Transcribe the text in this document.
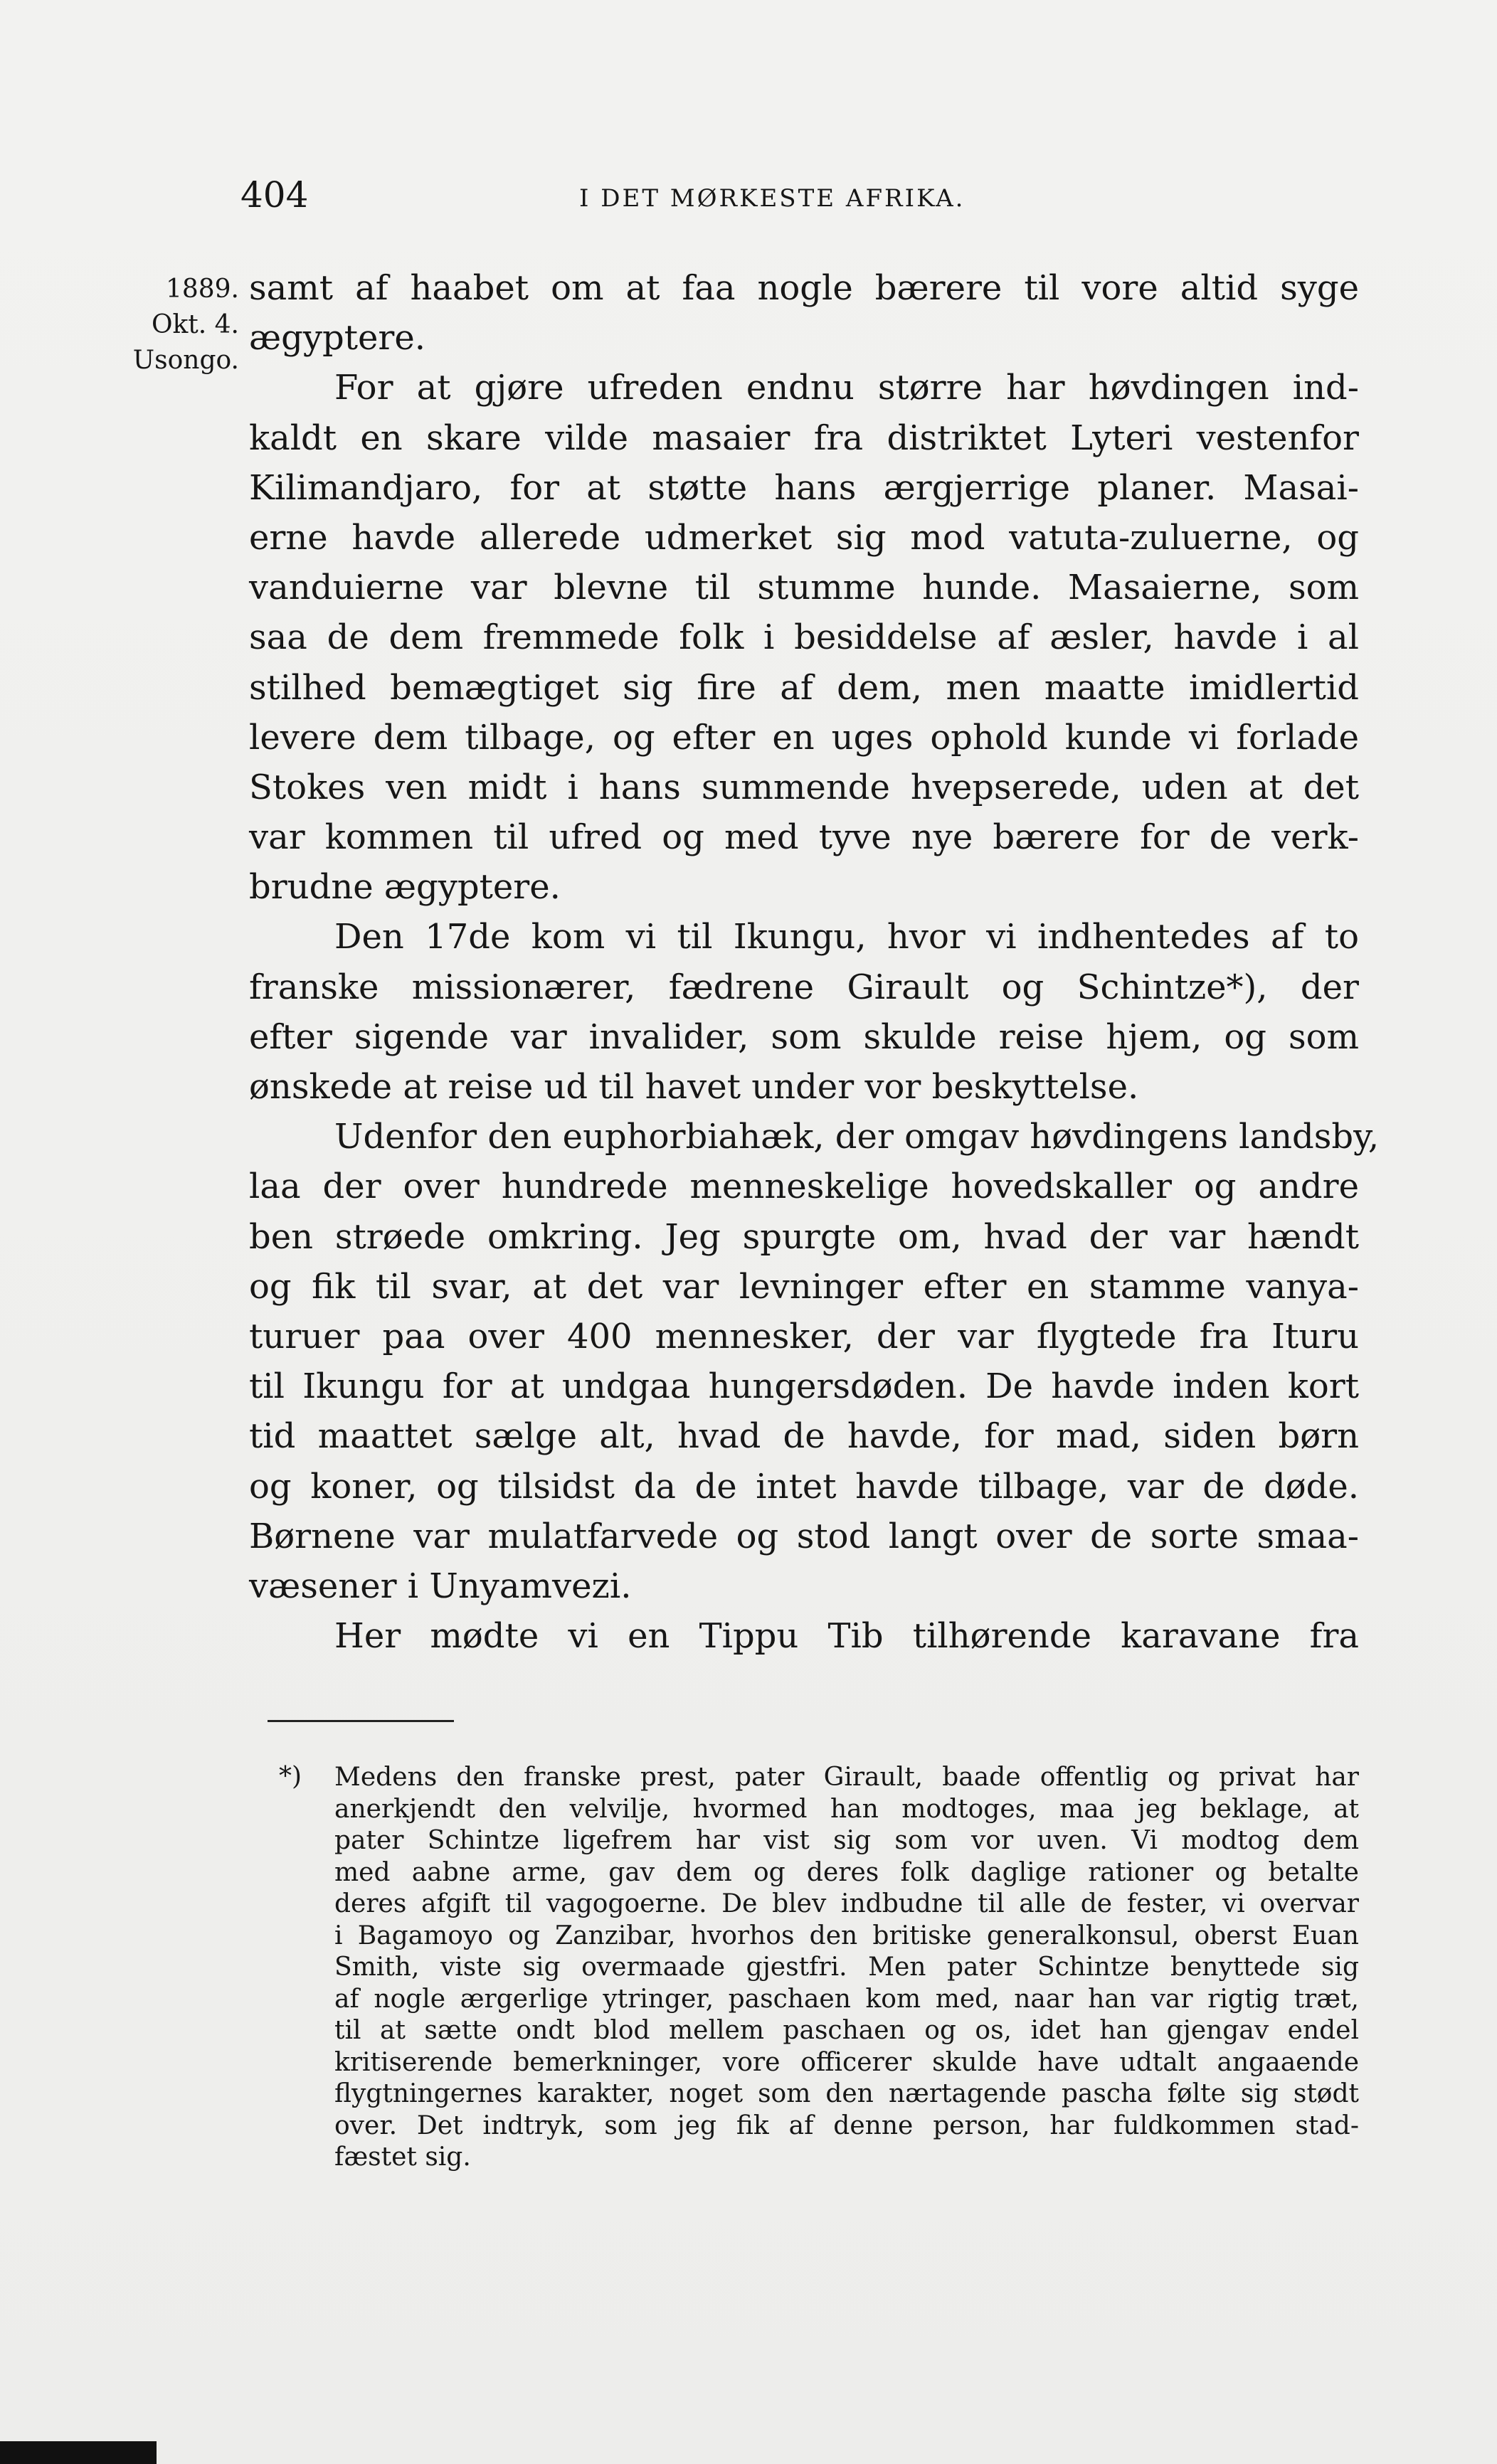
404	I DET MØRKESTE AFRIKA.
1889.
Okt. 4.
Usongo.
samt af haabet om at faa nogle bærere til vore altid syge
ægyptere.
For at gjøre ufreden endnu større har høvdingen ind-
kaldt en skare vilde masaier fra distriktet Lyteri vestenfor
Kilimandjaro, for at støtte hans ærgjerrige planer. Masai-
erne havde allerede udmerket sig mod vatuta-zuluerne, og
vanduierne var blevne til stumme hunde. Masaierne, som
saa de dem fremmede folk i besiddelse af æsler, havde i al
stilhed bemægtiget sig fire af dem, men maatte imidlertid
levere dem tilbage, og efter en uges ophold kunde vi forlade
Stokes ven midt i hans summende hvepserede, uden at det
var kommen til ufred og med tyve nye bærere for de verk-
brudne ægyptere.
Den 17de kom vi til Ikungu, hvor vi indhentedes af to
franske missionærer, fædrene Girault og Schintze*), der
efter sigende var invalider, som skulde reise hjem, og som
ønskede at reise ud til havet under vor beskyttelse.
Udenfor den euphorbiahæk, der omgav høvdingens landsby,
laa der over hundrede menneskelige hovedskaller og andre
ben strøede omkring. Jeg spurgte om, hvad der var hændt
og fik til svar, at det var levninger efter en stamme vanya-
turuer paa over 400 mennesker, der var flygtede fra Ituru
til Ikungu for at undgaa hungersdøden. De havde inden kort
tid maattet sælge alt, hvad de havde, for mad, siden børn
og koner, og tilsidst da de intet havde tilbage, var de døde.
Børnene var mulatfarvede og stod langt over de sorte smaa-
væsener i Unyamvezi.
Her mødte vi en Tippu Tib tilhørende karavane fra
*) Medens den franske prest, pater Girault, baade offentlig og privat har
anerkjendt den velvilje, hvormed han modtoges, maa jeg beklage, at
pater Schintze ligefrem har vist sig som vor uven. Vi modtog dem
med aabne arme, gav dem og deres folk daglige rationer og betalte
deres afgift til vagogoerne. De blev indbudne til alle de fester, vi overvar
i Bagamoyo og Zanzibar, hvorhos den britiske generalkonsul, oberst Euan
Smith, viste sig overmaade gjestfri. Men pater Schintze benyttede sig
af nogle ærgerlige ytringer, paschaen kom med, naar han var rigtig træt,
til at sætte ondt blod mellem paschaen og os, idet han gjengav endel
kritiserende bemerkninger, vore officerer skulde have udtalt angaaende
flygtningernes karakter, noget som den nærtagende pascha følte sig stødt
over. Det indtryk, som jeg fik af denne person, har fuldkommen stad-
fæstet sig.
